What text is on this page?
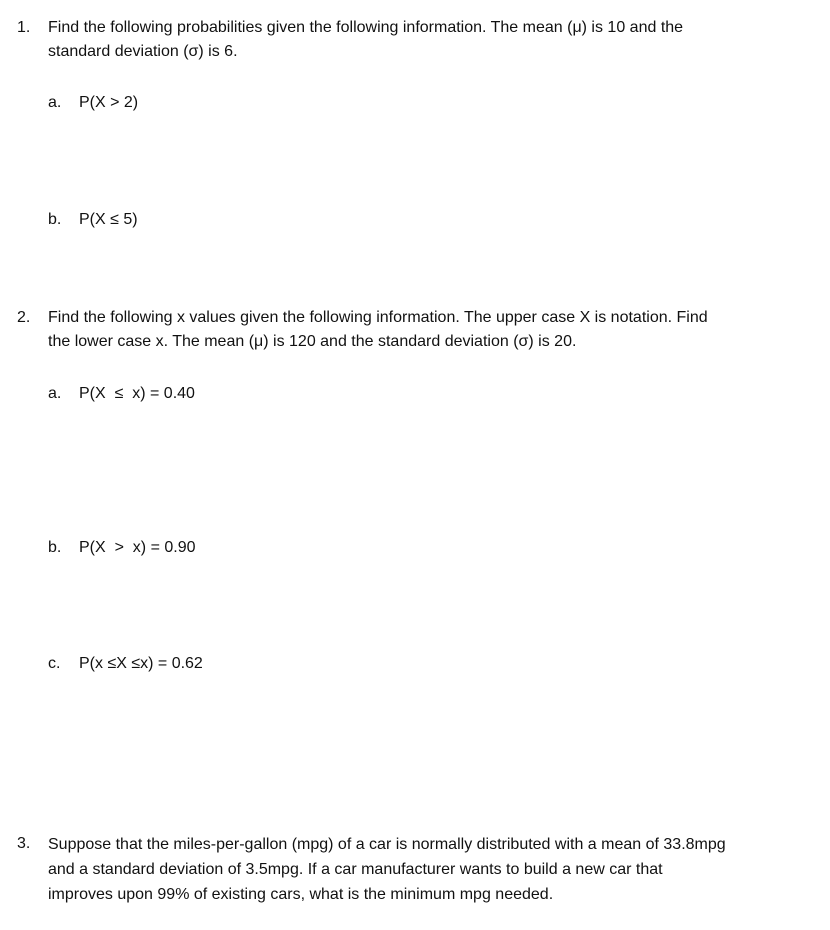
1. Find the following probabilities given the following information. The mean (μ) is 10 and the
standard deviation (σ) is 6.
a. P(X > 2)
b. P(X ≤ 5)
2. Find the following x values given the following information. The upper case X is notation. Find
the lower case x. The mean (μ) is 120 and the standard deviation (σ) is 20.
a. P(X  ≤  x) = 0.40
b. P(X  >  x) = 0.90
c. P(x ≤X ≤x) = 0.62
3. Suppose that the miles-per-gallon (mpg) of a car is normally distributed with a mean of 33.8mpg
and a standard deviation of 3.5mpg. If a car manufacturer wants to build a new car that
improves upon 99% of existing cars, what is the minimum mpg needed.
